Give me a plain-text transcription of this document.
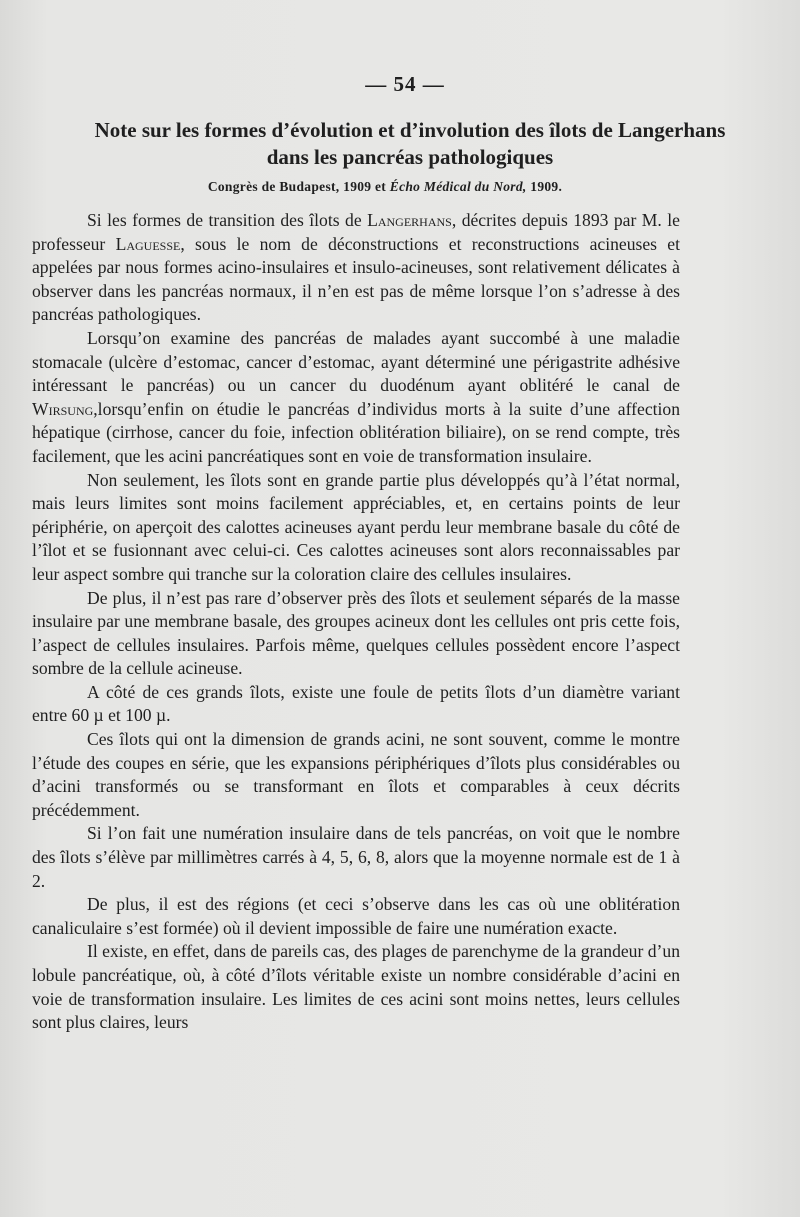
— 54 —
Note sur les formes d’évolution et d’involution des îlots de Langerhans
dans les pancréas pathologiques
Congrès de Budapest, 1909 et Écho Médical du Nord, 1909.

Si les formes de transition des îlots de Langerhans, décrites depuis 1893 par M. le professeur Laguesse, sous le nom de déconstructions et reconstructions acineuses et appelées par nous formes acino-insulaires et insulo-acineuses, sont relativement délicates à observer dans les pancréas normaux, il n’en est pas de même lorsque l’on s’adresse à des pancréas pathologiques.

Lorsqu’on examine des pancréas de malades ayant succombé à une maladie stomacale (ulcère d’estomac, cancer d’estomac, ayant déterminé une périgastrite adhésive intéressant le pancréas) ou un cancer du duodénum ayant oblitéré le canal de Wirsung,lorsqu’enfin on étudie le pancréas d’individus morts à la suite d’une affection hépatique (cirrhose, cancer du foie, infection oblitération biliaire), on se rend compte, très facilement, que les acini pancréatiques sont en voie de transformation insulaire.

Non seulement, les îlots sont en grande partie plus développés qu’à l’état normal, mais leurs limites sont moins facilement appréciables, et, en certains points de leur périphérie, on aperçoit des calottes acineuses ayant perdu leur membrane basale du côté de l’îlot et se fusionnant avec celui-ci. Ces calottes acineuses sont alors reconnaissables par leur aspect sombre qui tranche sur la coloration claire des cellules insulaires.

De plus, il n’est pas rare d’observer près des îlots et seulement séparés de la masse insulaire par une membrane basale, des groupes acineux dont les cellules ont pris cette fois, l’aspect de cellules insulaires. Parfois même, quelques cellules possèdent encore l’aspect sombre de la cellule acineuse.

A côté de ces grands îlots, existe une foule de petits îlots d’un diamètre variant entre 60 µ et 100 µ.

Ces îlots qui ont la dimension de grands acini, ne sont souvent, comme le montre l’étude des coupes en série, que les expansions périphériques d’îlots plus considérables ou d’acini transformés ou se transformant en îlots et comparables à ceux décrits précédemment.

Si l’on fait une numération insulaire dans de tels pancréas, on voit que le nombre des îlots s’élève par millimètres carrés à 4, 5, 6, 8, alors que la moyenne normale est de 1 à 2.

De plus, il est des régions (et ceci s’observe dans les cas où une oblitération canaliculaire s’est formée) où il devient impossible de faire une numération exacte.

Il existe, en effet, dans de pareils cas, des plages de parenchyme de la grandeur d’un lobule pancréatique, où, à côté d’îlots véritable existe un nombre considérable d’acini en voie de transformation insulaire. Les limites de ces acini sont moins nettes, leurs cellules sont plus claires, leurs
